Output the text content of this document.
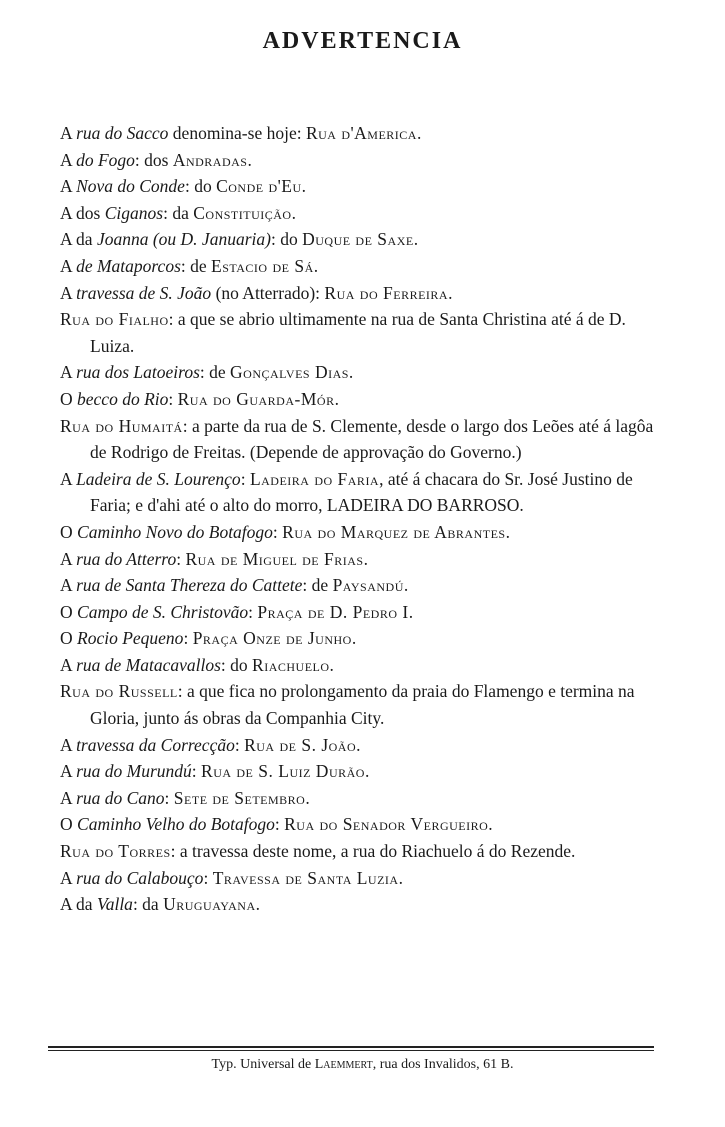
ADVERTENCIA
A rua do Sacco denomina-se hoje: Rua d'America.
A do Fogo: dos Andradas.
A Nova do Conde: do Conde d'Eu.
A dos Ciganos: da Constituição.
A da Joanna (ou D. Januaria): do Duque de Saxe.
A de Mataporcos: de Estacio de Sá.
A travessa de S. João (no Atterrado): Rua do Ferreira.
Rua do Fialho: a que se abrio ultimamente na rua de Santa Christina até á de D. Luiza.
A rua dos Latoeiros: de Gonçalves Dias.
O becco do Rio: Rua do Guarda-Mór.
Rua do Humaitá: a parte da rua de S. Clemente, desde o largo dos Leões até á lagôa de Rodrigo de Freitas. (Depende de approvação do Governo.)
A Ladeira de S. Lourenço: Ladeira do Faria, até á chacara do Sr. José Justino de Faria; e d'ahi até o alto do morro, LADEIRA DO BARROSO.
O Caminho Novo do Botafogo: Rua do Marquez de Abrantes.
A rua do Atterro: Rua de Miguel de Frias.
A rua de Santa Thereza do Cattete: de Paysandú.
O Campo de S. Christovão: Praça de D. Pedro I.
O Rocio Pequeno: Praça Onze de Junho.
A rua de Matacavallos: do Riachuelo.
Rua do Russell: a que fica no prolongamento da praia do Flamengo e termina na Gloria, junto ás obras da Companhia City.
A travessa da Correcção: Rua de S. João.
A rua do Murundú: Rua de S. Luiz Durão.
A rua do Cano: Sete de Setembro.
O Caminho Velho do Botafogo: Rua do Senador Vergueiro.
Rua do Torres: a travessa deste nome, a rua do Riachuelo á do Rezende.
A rua do Calabouço: Travessa de Santa Luzia.
A da Valla: da Uruguayana.
Typ. Universal de Laemmert, rua dos Invalidos, 61 B.
